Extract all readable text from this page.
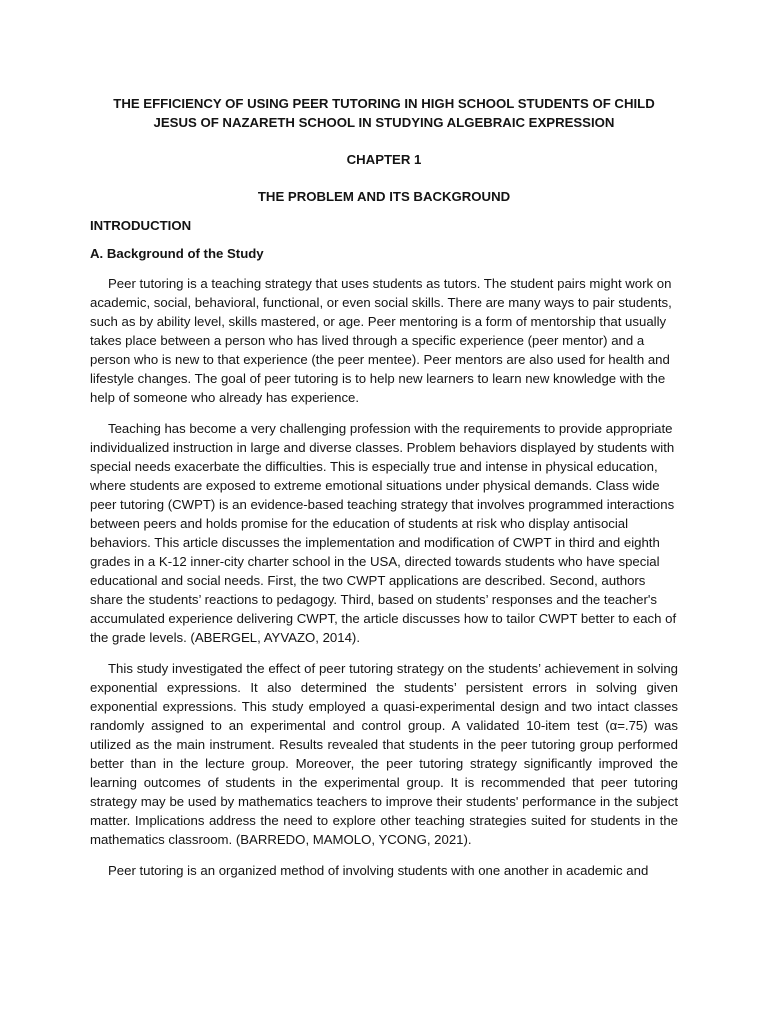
THE EFFICIENCY OF USING PEER TUTORING IN HIGH SCHOOL STUDENTS OF CHILD JESUS OF NAZARETH SCHOOL IN STUDYING ALGEBRAIC EXPRESSION

CHAPTER 1

THE PROBLEM AND ITS BACKGROUND

INTRODUCTION

A. Background of the Study

Peer tutoring is a teaching strategy that uses students as tutors. The student pairs might work on academic, social, behavioral, functional, or even social skills. There are many ways to pair students, such as by ability level, skills mastered, or age. Peer mentoring is a form of mentorship that usually takes place between a person who has lived through a specific experience (peer mentor) and a person who is new to that experience (the peer mentee). Peer mentors are also used for health and lifestyle changes. The goal of peer tutoring is to help new learners to learn new knowledge with the help of someone who already has experience.

Teaching has become a very challenging profession with the requirements to provide appropriate individualized instruction in large and diverse classes. Problem behaviors displayed by students with special needs exacerbate the difficulties. This is especially true and intense in physical education, where students are exposed to extreme emotional situations under physical demands. Class wide peer tutoring (CWPT) is an evidence-based teaching strategy that involves programmed interactions between peers and holds promise for the education of students at risk who display antisocial behaviors. This article discusses the implementation and modification of CWPT in third and eighth grades in a K-12 inner-city charter school in the USA, directed towards students who have special educational and social needs. First, the two CWPT applications are described. Second, authors share the students’ reactions to pedagogy. Third, based on students’ responses and the teacher's accumulated experience delivering CWPT, the article discusses how to tailor CWPT better to each of the grade levels. (ABERGEL, AYVAZO, 2014).

This study investigated the effect of peer tutoring strategy on the students’ achievement in solving exponential expressions. It also determined the students’ persistent errors in solving given exponential expressions. This study employed a quasi-experimental design and two intact classes randomly assigned to an experimental and control group. A validated 10-item test (α=.75) was utilized as the main instrument. Results revealed that students in the peer tutoring group performed better than in the lecture group. Moreover, the peer tutoring strategy significantly improved the learning outcomes of students in the experimental group. It is recommended that peer tutoring strategy may be used by mathematics teachers to improve their students' performance in the subject matter. Implications address the need to explore other teaching strategies suited for students in the mathematics classroom. (BARREDO, MAMOLO, YCONG, 2021).

Peer tutoring is an organized method of involving students with one another in academic and
